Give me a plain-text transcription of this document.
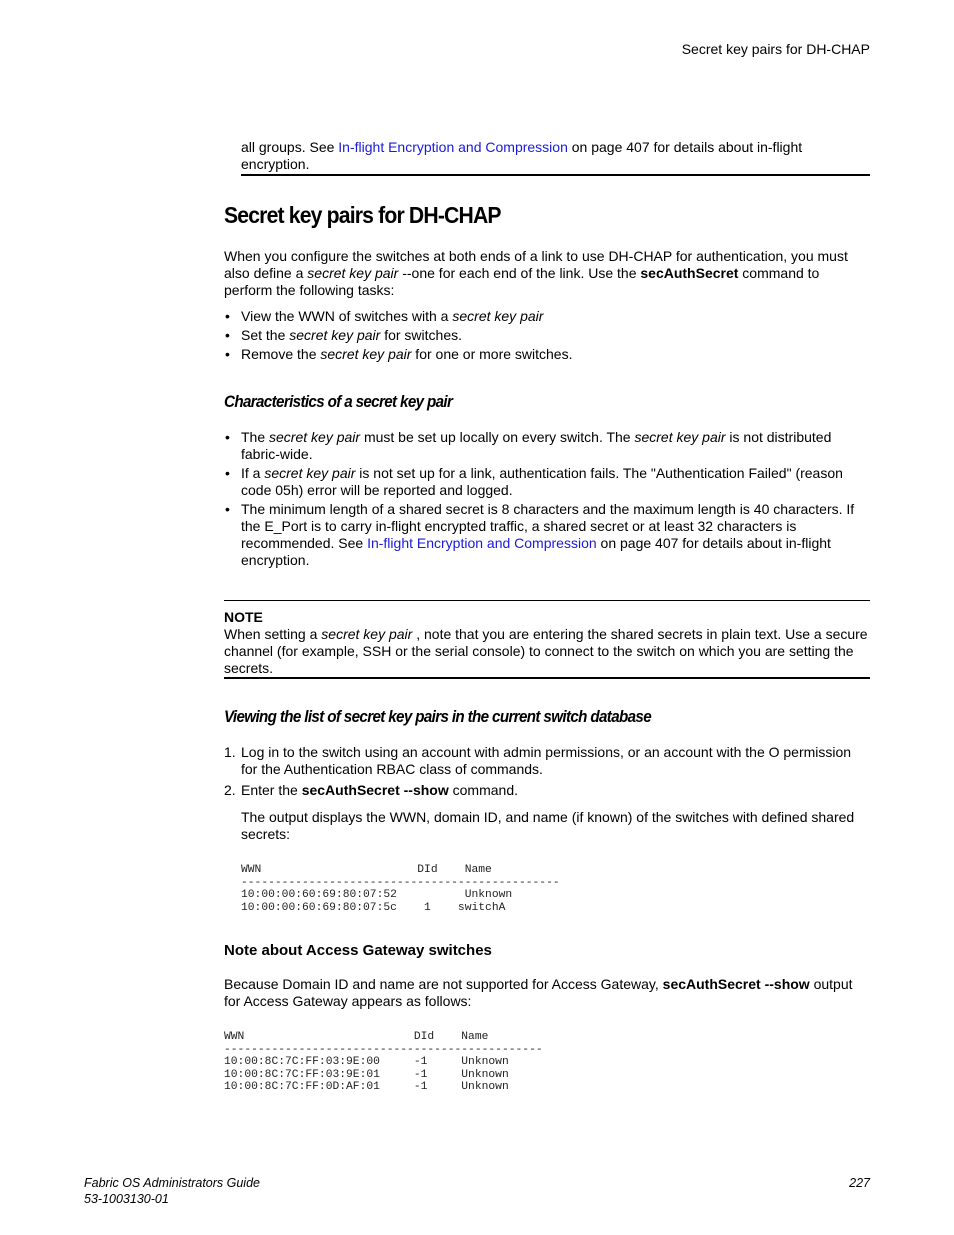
Secret key pairs for DH-CHAP
all groups. See In-flight Encryption and Compression on page 407 for details about in-flight
encryption.
Secret key pairs for DH-CHAP
When you configure the switches at both ends of a link to use DH-CHAP for authentication, you must
also define a secret key pair --one for each end of the link. Use the secAuthSecret command to
perform the following tasks:
• View the WWN of switches with a secret key pair
• Set the secret key pair for switches.
• Remove the secret key pair for one or more switches.
Characteristics of a secret key pair
• The secret key pair must be set up locally on every switch. The secret key pair is not distributed
fabric-wide.
• If a secret key pair is not set up for a link, authentication fails. The "Authentication Failed" (reason
code 05h) error will be reported and logged.
• The minimum length of a shared secret is 8 characters and the maximum length is 40 characters. If
the E_Port is to carry in-flight encrypted traffic, a shared secret or at least 32 characters is
recommended. See In-flight Encryption and Compression on page 407 for details about in-flight
encryption.
NOTE
When setting a secret key pair , note that you are entering the shared secrets in plain text. Use a secure
channel (for example, SSH or the serial console) to connect to the switch on which you are setting the
secrets.
Viewing the list of secret key pairs in the current switch database
1. Log in to the switch using an account with admin permissions, or an account with the O permission
for the Authentication RBAC class of commands.
2. Enter the secAuthSecret --show command.
The output displays the WWN, domain ID, and name (if known) of the switches with defined shared
secrets:
WWN                       DId    Name
-----------------------------------------------
10:00:00:60:69:80:07:52          Unknown
10:00:00:60:69:80:07:5c    1    switchA
Note about Access Gateway switches
Because Domain ID and name are not supported for Access Gateway, secAuthSecret --show output
for Access Gateway appears as follows:
WWN                         DId    Name
-----------------------------------------------
10:00:8C:7C:FF:03:9E:00     -1     Unknown
10:00:8C:7C:FF:03:9E:01     -1     Unknown
10:00:8C:7C:FF:0D:AF:01     -1     Unknown
Fabric OS Administrators Guide
53-1003130-01
227
